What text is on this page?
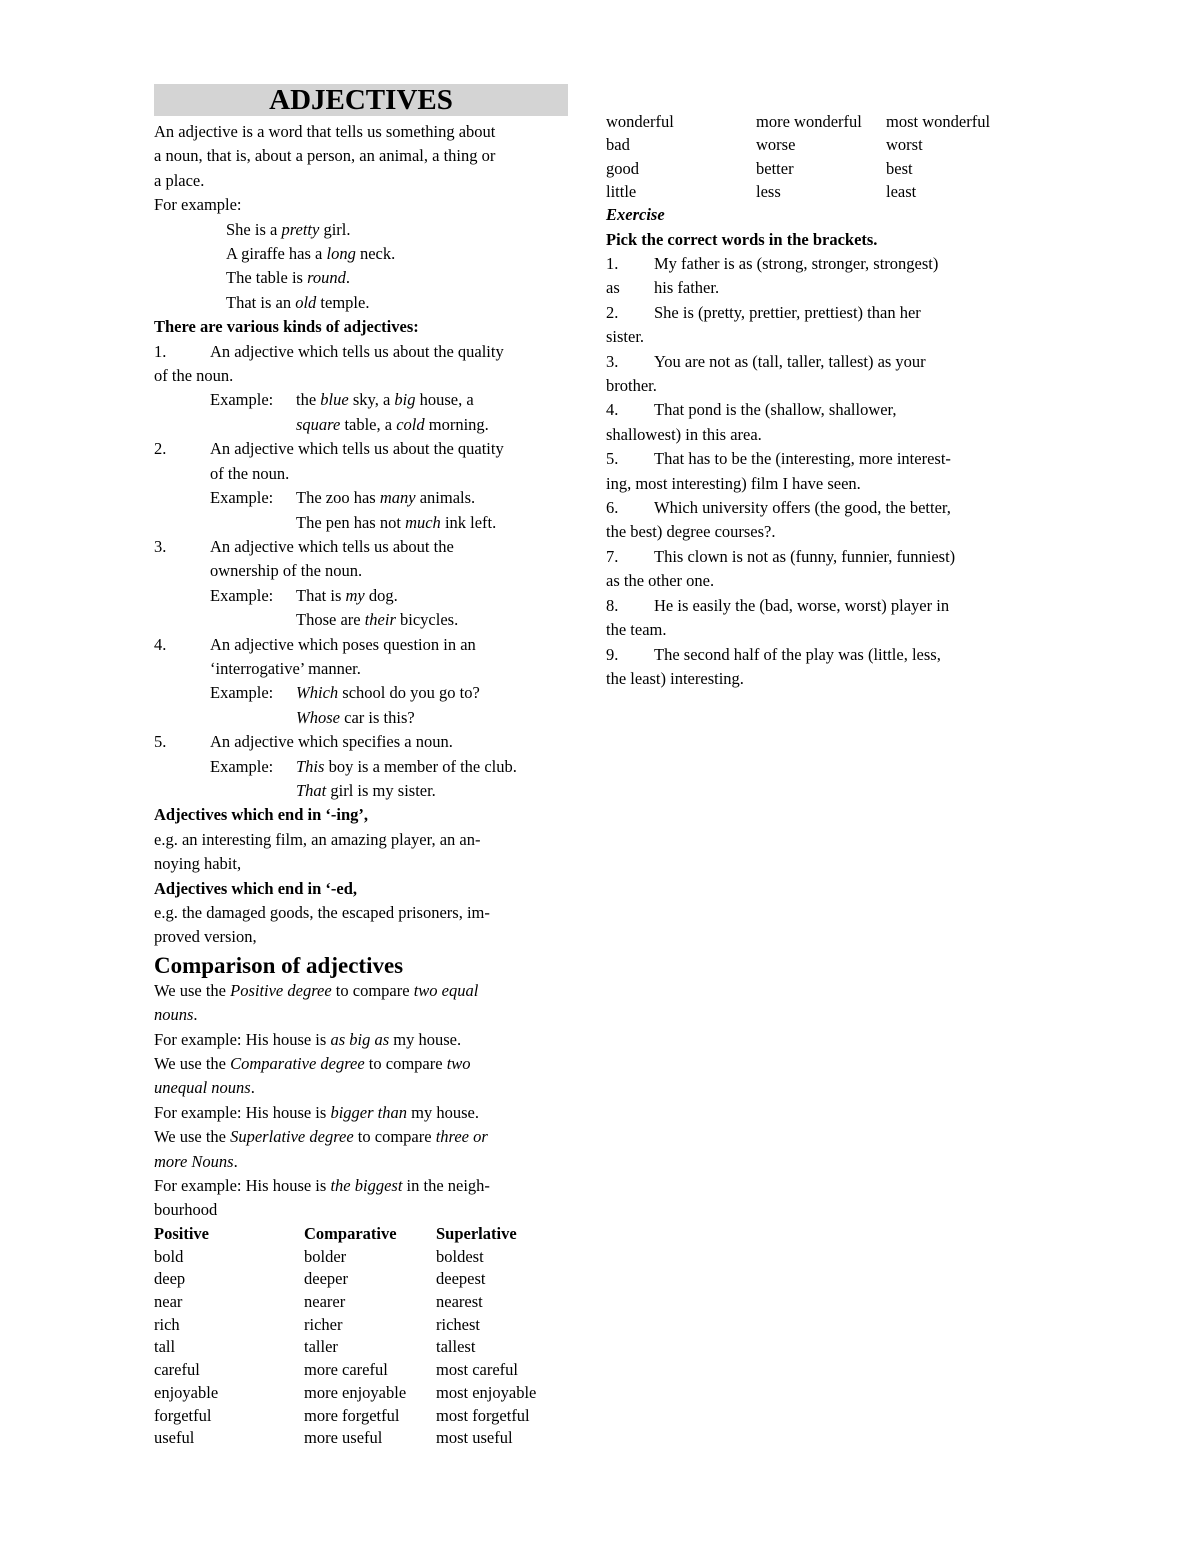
ADJECTIVES
An adjective is a word that tells us something about
a noun, that is, about a person, an animal, a thing or
a place.
For example:
She is a pretty girl.
A giraffe has a long neck.
The table is round.
That is an old temple.
There are various kinds of adjectives:
1.	An adjective which tells us about the quality
of the noun.
Example:	the blue sky, a big house, a
square table, a cold morning.
2.	An adjective which tells us about the quatity
of the noun.
Example:	The zoo has many animals.
The pen has not much ink left.
3.	An adjective which tells us about the
ownership of the noun.
Example:	That is my dog.
Those are their bicycles.
4.	An adjective which poses question in an
‘interrogative’ manner.
Example:	Which school do you go to?
Whose car is this?
5.	An adjective which specifies a noun.
Example:	This boy is a member of the club.
That girl is my sister.
Adjectives which end in ‘-ing’,
e.g. an interesting film, an amazing player, an an-
noying habit,
Adjectives which end in ‘-ed,
e.g. the damaged goods, the escaped prisoners, im-
proved version,
Comparison of adjectives
We use the Positive degree to compare two equal
nouns.
For example: His house is as big as my house.
We use the Comparative degree to compare two
unequal nouns.
For example: His house is bigger than my house.
We use the Superlative degree to compare three or
more Nouns.
For example: His house is the biggest in the neigh-
bourhood
Positive	Comparative	Superlative
bold	bolder	boldest
deep	deeper	deepest
near	nearer	nearest
rich	richer	richest
tall	taller	tallest
careful	more careful	most careful
enjoyable	more enjoyable	most enjoyable
forgetful	more forgetful	most forgetful
useful	more useful	most useful
wonderful	more wonderful	most wonderful
bad	worse	worst
good	better	best
little	less	least
Exercise
Pick the correct words in the brackets.
1.	My father is as (strong, stronger, strongest)
as	his father.
2.	She is (pretty, prettier, prettiest) than her
sister.
3.	You are not as (tall, taller, tallest) as your
brother.
4.	That pond is the (shallow, shallower,
shallowest) in this area.
5.	That has to be the (interesting, more interest-
ing, most interesting) film I have seen.
6.	Which university offers (the good, the better,
the best) degree courses?.
7.	This clown is not as (funny, funnier, funniest)
as the other one.
8.	He is easily the (bad, worse, worst) player in
the team.
9.	The second half of the play was (little, less,
the least) interesting.
